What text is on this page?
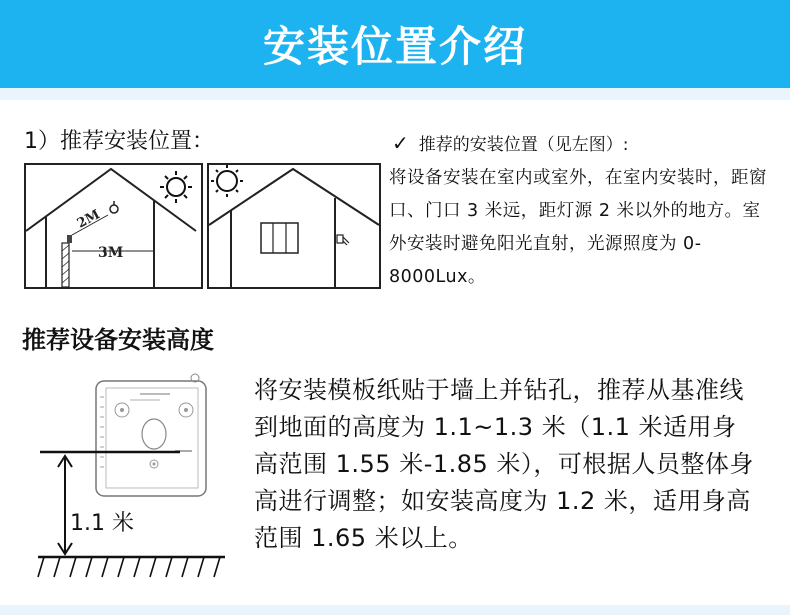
安装位置介绍
1）推荐安装位置：
2M
3M
✓ 推荐的安装位置（见左图）:
将设备安装在室内或室外，在室内安装时，距窗口、门口 3 米远，距灯源 2 米以外的地方。室外安装时避免阳光直射，光源照度为 0-8000Lux。
推荐设备安装高度
1.1 米
将安装模板纸贴于墙上并钻孔，推荐从基准线到地面的高度为 1.1~1.3 米（1.1 米适用身高范围 1.55 米-1.85 米），可根据人员整体身高进行调整；如安装高度为 1.2 米，适用身高范围 1.65 米以上。
